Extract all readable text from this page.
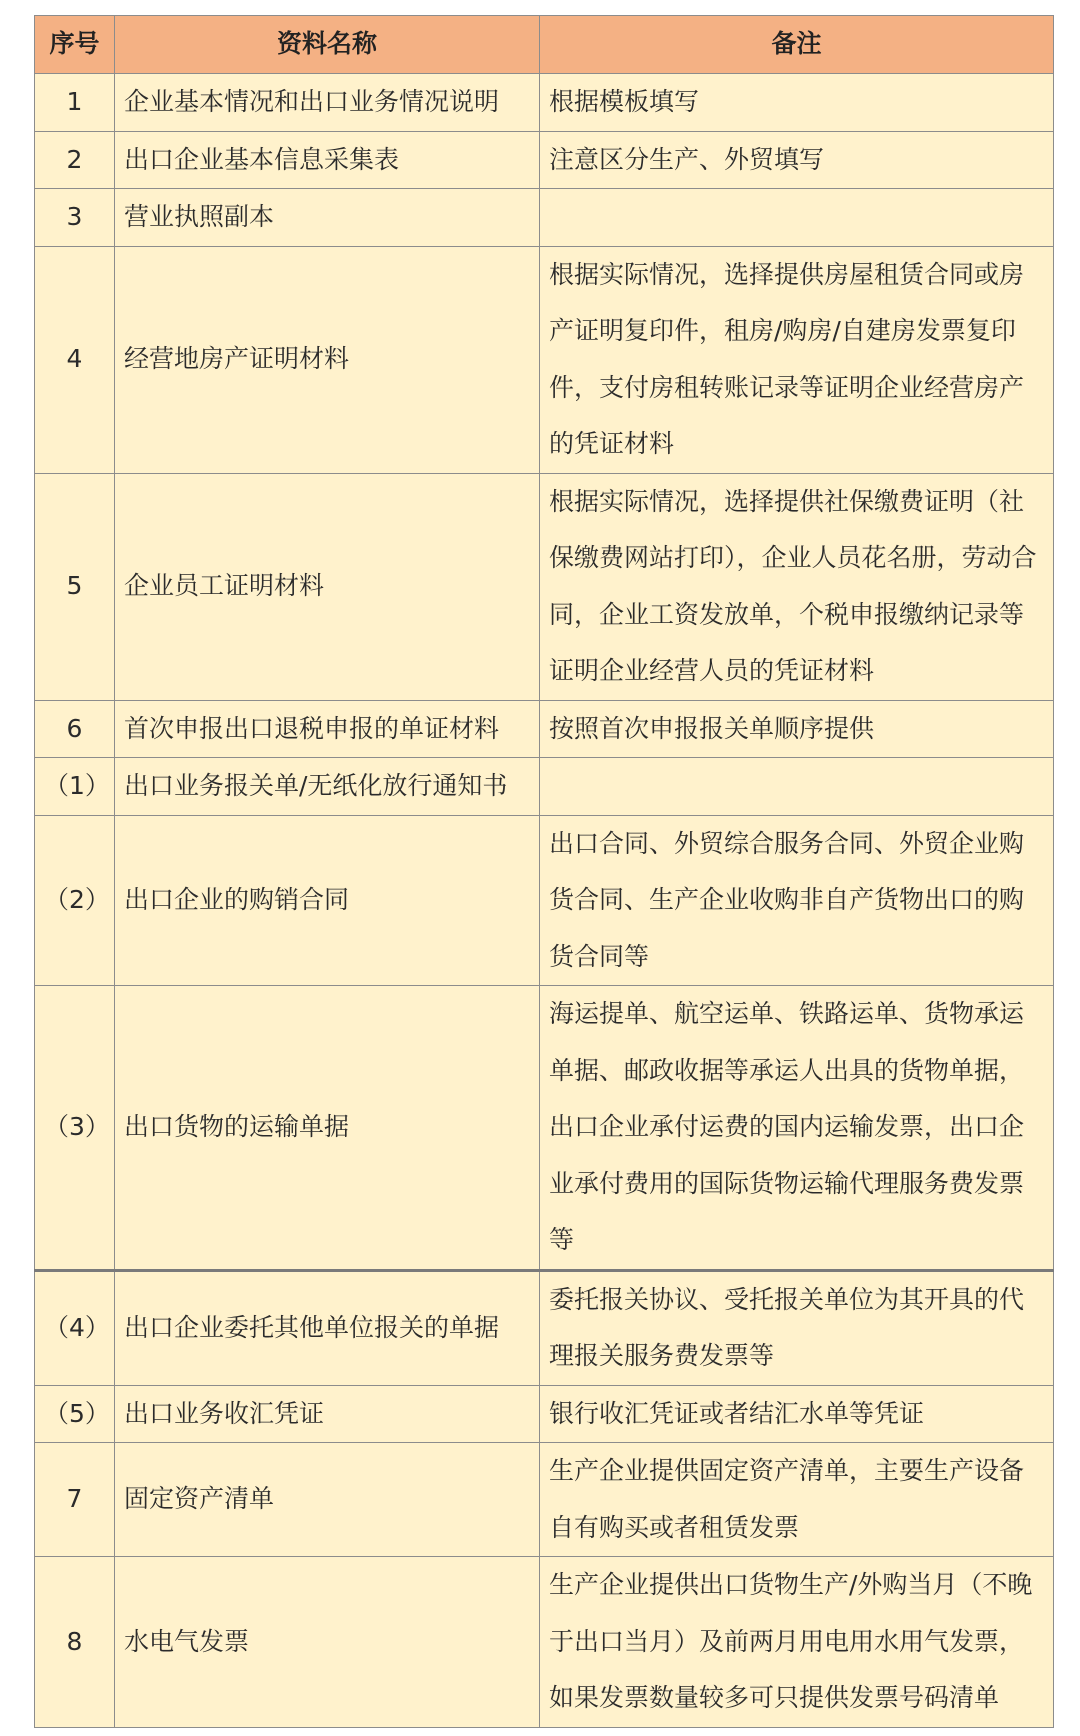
序号	资料名称	备注
1	企业基本情况和出口业务情况说明	根据模板填写
2	出口企业基本信息采集表	注意区分生产、外贸填写
3	营业执照副本	
4	经营地房产证明材料	根据实际情况，选择提供房屋租赁合同或房产证明复印件，租房/购房/自建房发票复印件，支付房租转账记录等证明企业经营房产的凭证材料
5	企业员工证明材料	根据实际情况，选择提供社保缴费证明（社保缴费网站打印），企业人员花名册，劳动合同，企业工资发放单，个税申报缴纳记录等证明企业经营人员的凭证材料
6	首次申报出口退税申报的单证材料	按照首次申报报关单顺序提供
（1）	出口业务报关单/无纸化放行通知书	
（2）	出口企业的购销合同	出口合同、外贸综合服务合同、外贸企业购货合同、生产企业收购非自产货物出口的购货合同等
（3）	出口货物的运输单据	海运提单、航空运单、铁路运单、货物承运单据、邮政收据等承运人出具的货物单据，出口企业承付运费的国内运输发票，出口企业承付费用的国际货物运输代理服务费发票等
（4）	出口企业委托其他单位报关的单据	委托报关协议、受托报关单位为其开具的代理报关服务费发票等
（5）	出口业务收汇凭证	银行收汇凭证或者结汇水单等凭证
7	固定资产清单	生产企业提供固定资产清单，主要生产设备自有购买或者租赁发票
8	水电气发票	生产企业提供出口货物生产/外购当月（不晚于出口当月）及前两月用电用水用气发票，如果发票数量较多可只提供发票号码清单
